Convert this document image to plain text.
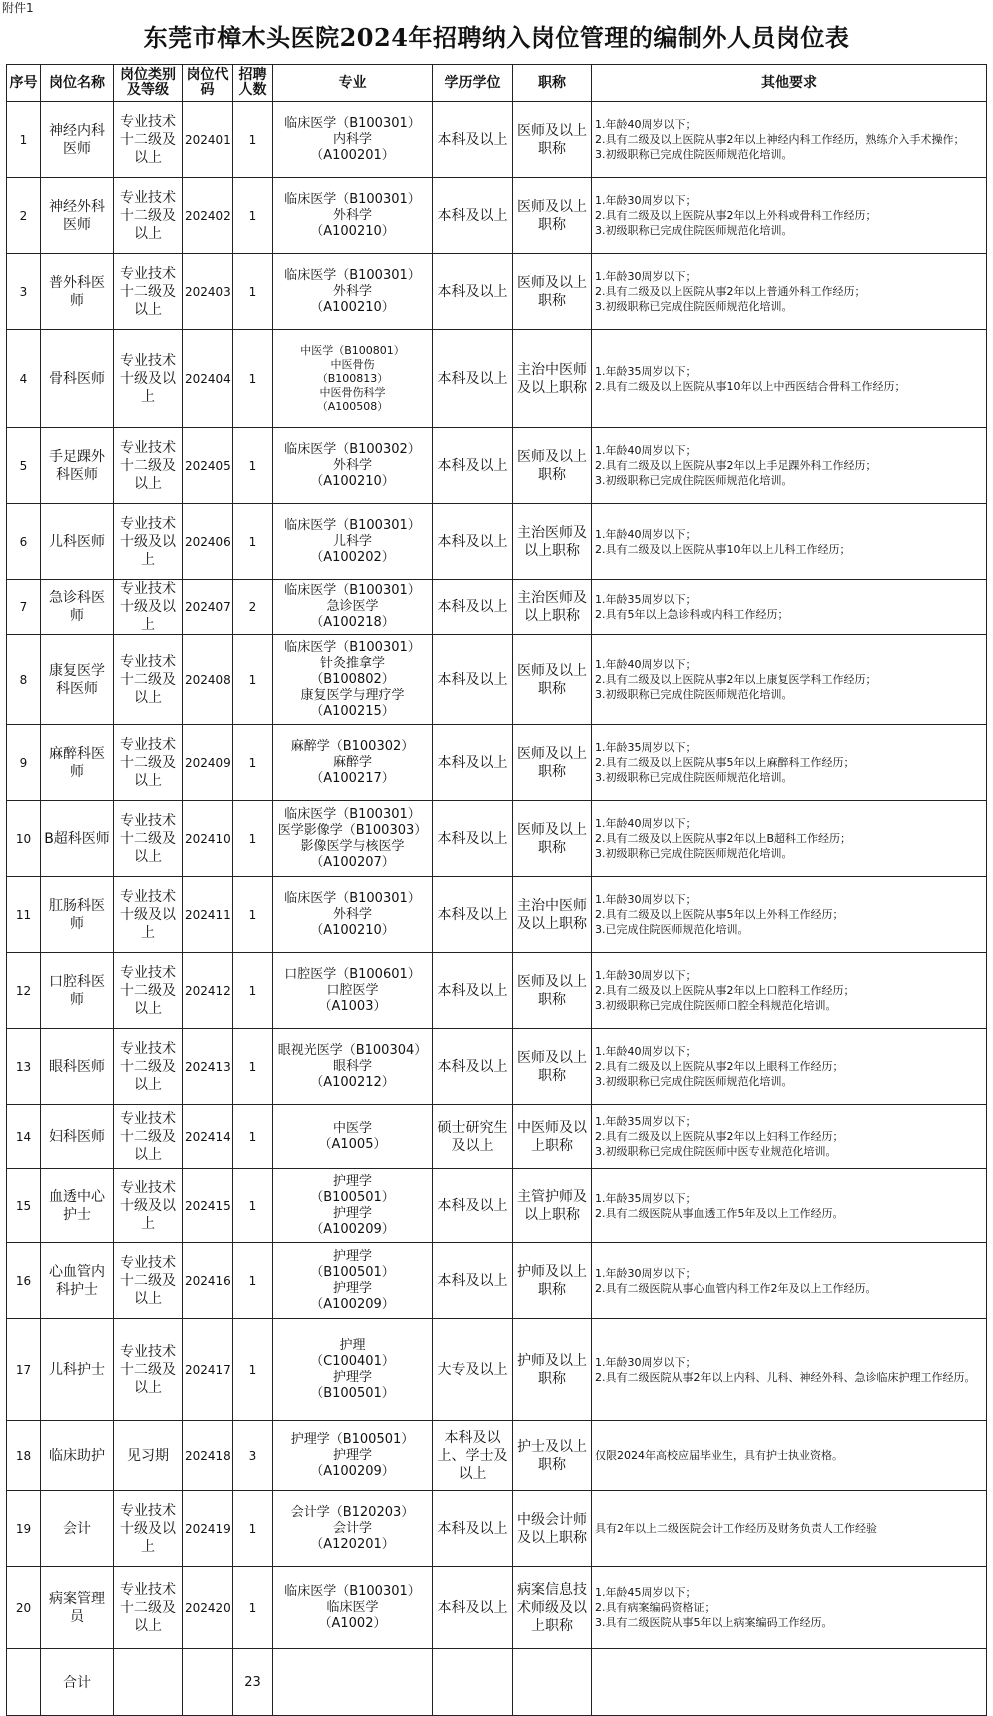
附件1
东莞市樟木头医院2024年招聘纳入岗位管理的编制外人员岗位表
序号	岗位名称	岗位类别及等级	岗位代码	招聘人数	专业	学历学位	职称	其他要求
1	神经内科医师	专业技术十二级及以上	202401	1	临床医学（B100301）
内科学
（A100201）	本科及以上	医师及以上职称	1.年龄40周岁以下；
2.具有二级及以上医院从事2年以上神经内科工作经历，熟练介入手术操作；
3.初级职称已完成住院医师规范化培训。

2	神经外科医师	专业技术十二级及以上	202402	1	临床医学（B100301）
外科学
（A100210）	本科及以上	医师及以上职称	1.年龄30周岁以下；
2.具有二级及以上医院从事2年以上外科或骨科工作经历；
3.初级职称已完成住院医师规范化培训。

3	普外科医师	专业技术十二级及以上	202403	1	临床医学（B100301）
外科学
（A100210）	本科及以上	医师及以上职称	1.年龄30周岁以下；
2.具有二级及以上医院从事2年以上普通外科工作经历；
3.初级职称已完成住院医师规范化培训。

4	骨科医师	专业技术十级及以上	202404	1	中医学（B100801）
中医骨伤
（B100813）
中医骨伤科学
（A100508）	本科及以上	主治中医师及以上职称	1.年龄35周岁以下；
2.具有二级及以上医院从事10年以上中西医结合骨科工作经历；

5	手足踝外科医师	专业技术十二级及以上	202405	1	临床医学（B100302）
外科学
（A100210）	本科及以上	医师及以上职称	1.年龄40周岁以下；
2.具有二级及以上医院从事2年以上手足踝外科工作经历；
3.初级职称已完成住院医师规范化培训。

6	儿科医师	专业技术十级及以上	202406	1	临床医学（B100301）
儿科学
（A100202）	本科及以上	主治医师及以上职称	1.年龄40周岁以下；
2.具有二级及以上医院从事10年以上儿科工作经历；

7	急诊科医师	专业技术十级及以上	202407	2	临床医学（B100301）
急诊医学
（A100218）	本科及以上	主治医师及以上职称	1.年龄35周岁以下；
2.具有5年以上急诊科或内科工作经历；

8	康复医学科医师	专业技术十二级及以上	202408	1	临床医学（B100301）
针灸推拿学
（B100802）
康复医学与理疗学
（A100215）	本科及以上	医师及以上职称	1.年龄40周岁以下；
2.具有二级及以上医院从事2年以上康复医学科工作经历；
3.初级职称已完成住院医师规范化培训。

9	麻醉科医师	专业技术十二级及以上	202409	1	麻醉学（B100302）
麻醉学
（A100217）	本科及以上	医师及以上职称	1.年龄35周岁以下；
2.具有二级及以上医院从事5年以上麻醉科工作经历；
3.初级职称已完成住院医师规范化培训。

10	B超科医师	专业技术十二级及以上	202410	1	临床医学（B100301）
医学影像学（B100303）
影像医学与核医学
（A100207）	本科及以上	医师及以上职称	1.年龄40周岁以下；
2.具有二级及以上医院从事2年以上B超科工作经历；
3.初级职称已完成住院医师规范化培训。

11	肛肠科医师	专业技术十级及以上	202411	1	临床医学（B100301）
外科学
（A100210）	本科及以上	主治中医师及以上职称	1.年龄30周岁以下；
2.具有二级及以上医院从事5年以上外科工作经历；
3.已完成住院医师规范化培训。

12	口腔科医师	专业技术十二级及以上	202412	1	口腔医学（B100601）
口腔医学
（A1003）	本科及以上	医师及以上职称	1.年龄30周岁以下；
2.具有二级及以上医院从事2年以上口腔科工作经历；
3.初级职称已完成住院医师口腔全科规范化培训。

13	眼科医师	专业技术十二级及以上	202413	1	眼视光医学（B100304）
眼科学
（A100212）	本科及以上	医师及以上职称	1.年龄40周岁以下；
2.具有二级及以上医院从事2年以上眼科工作经历；
3.初级职称已完成住院医师规范化培训。

14	妇科医师	专业技术十二级及以上	202414	1	中医学
（A1005）	硕士研究生及以上	中医师及以上职称	1.年龄35周岁以下；
2.具有二级及以上医院从事2年以上妇科工作经历；
3.初级职称已完成住院医师中医专业规范化培训。

15	血透中心护士	专业技术十级及以上	202415	1	护理学
（B100501）
护理学
（A100209）	本科及以上	主管护师及以上职称	1.年龄35周岁以下；
2.具有二级医院从事血透工作5年及以上工作经历。

16	心血管内科护士	专业技术十二级及以上	202416	1	护理学
（B100501）
护理学
（A100209）	本科及以上	护师及以上职称	1.年龄30周岁以下；
2.具有二级医院从事心血管内科工作2年及以上工作经历。

17	儿科护士	专业技术十二级及以上	202417	1	护理
（C100401）
护理学
（B100501）	大专及以上	护师及以上职称	1.年龄30周岁以下；
2.具有二级医院从事2年以上内科、儿科、神经外科、急诊临床护理工作经历。

18	临床助护	见习期	202418	3	护理学（B100501）
护理学
（A100209）	本科及以上、学士及以上	护士及以上职称	仅限2024年高校应届毕业生，具有护士执业资格。

19	会计	专业技术十级及以上	202419	1	会计学（B120203）
会计学
（A120201）	本科及以上	中级会计师及以上职称	具有2年以上二级医院会计工作经历及财务负责人工作经验

20	病案管理员	专业技术十二级及以上	202420	1	临床医学（B100301）
临床医学
（A1002）	本科及以上	病案信息技术师级及以上职称	1.年龄45周岁以下；
2.具有病案编码资格证；
3.具有二级医院从事5年以上病案编码工作经历。

	合计			23				
